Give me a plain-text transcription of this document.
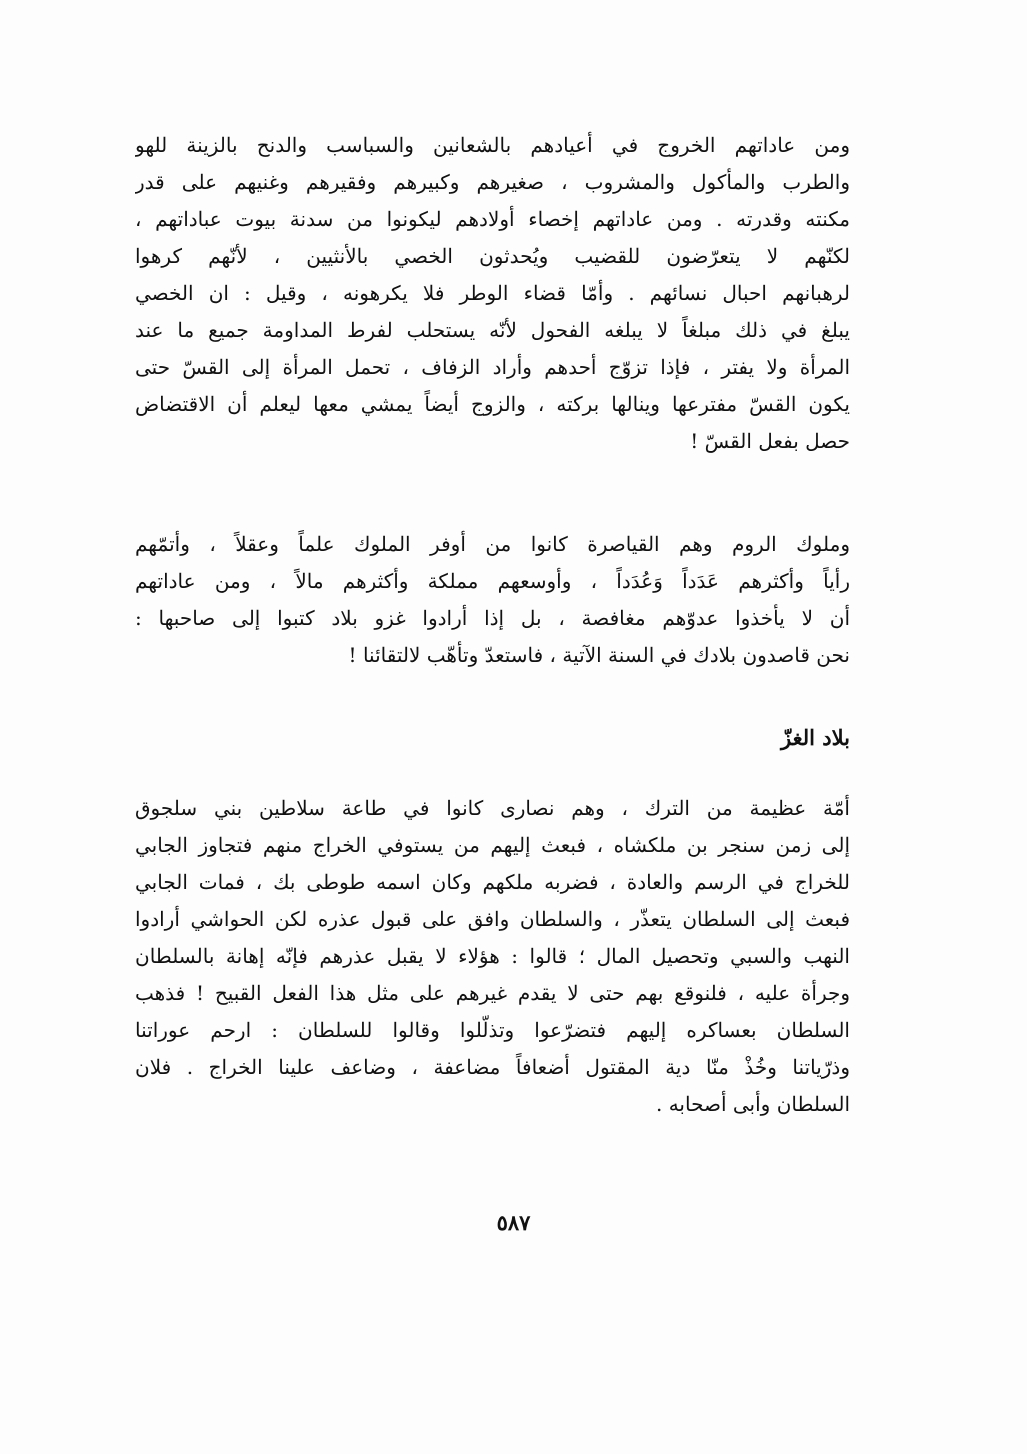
ومن عاداتهم الخروج في أعيادهم بالشعانين والسباسب والدنح بالزينة للهو
والطرب والمأكول والمشروب ، صغيرهم وكبيرهم وفقيرهم وغنيهم على قدر
مكنته وقدرته . ومن عاداتهم إخصاء أولادهم ليكونوا من سدنة بيوت عباداتهم ،
لكنّهم لا يتعرّضون للقضيب ويُحدثون الخصي بالأنثيين ، لأنّهم كرهوا
لرهبانهم احبال نسائهم . وأمّا قضاء الوطر فلا يكرهونه ، وقيل : ان الخصي
يبلغ في ذلك مبلغاً لا يبلغه الفحول لأنّه يستحلب لفرط المداومة جميع ما عند
المرأة ولا يفتر ، فإذا تزوّج أحدهم وأراد الزفاف ، تحمل المرأة إلى القسّ حتى
يكون القسّ مفترعها وينالها بركته ، والزوج أيضاً يمشي معها ليعلم أن الاقتضاض
حصل بفعل القسّ !
وملوك الروم وهم القياصرة كانوا من أوفر الملوك علماً وعقلاً ، وأتمّهم
رأياً وأكثرهم عَدَداً وَعُدَداً ، وأوسعهم مملكة وأكثرهم مالاً ، ومن عاداتهم
أن لا يأخذوا عدوّهم مغافصة ، بل إذا أرادوا غزو بلاد كتبوا إلى صاحبها :
نحن قاصدون بلادك في السنة الآتية ، فاستعدّ وتأهّب لالتقائنا !
بلاد الغزّ
أمّة عظيمة من الترك ، وهم نصارى كانوا في طاعة سلاطين بني سلجوق
إلى زمن سنجر بن ملكشاه ، فبعث إليهم من يستوفي الخراج منهم فتجاوز الجابي
للخراج في الرسم والعادة ، فضربه ملكهم وكان اسمه طوطى بك ، فمات الجابي
فبعث إلى السلطان يتعذّر ، والسلطان وافق على قبول عذره لكن الحواشي أرادوا
النهب والسبي وتحصيل المال ؛ قالوا : هؤلاء لا يقبل عذرهم فإنّه إهانة بالسلطان
وجرأة عليه ، فلنوقع بهم حتى لا يقدم غيرهم على مثل هذا الفعل القبيح ! فذهب
السلطان بعساكره إليهم فتضرّعوا وتذلّلوا وقالوا للسلطان : ارحم عوراتنا
وذرّياتنا وخُذْ منّا دية المقتول أضعافاً مضاعفة ، وضاعف علينا الخراج . فلان
السلطان وأبى أصحابه .
٥٨٧
